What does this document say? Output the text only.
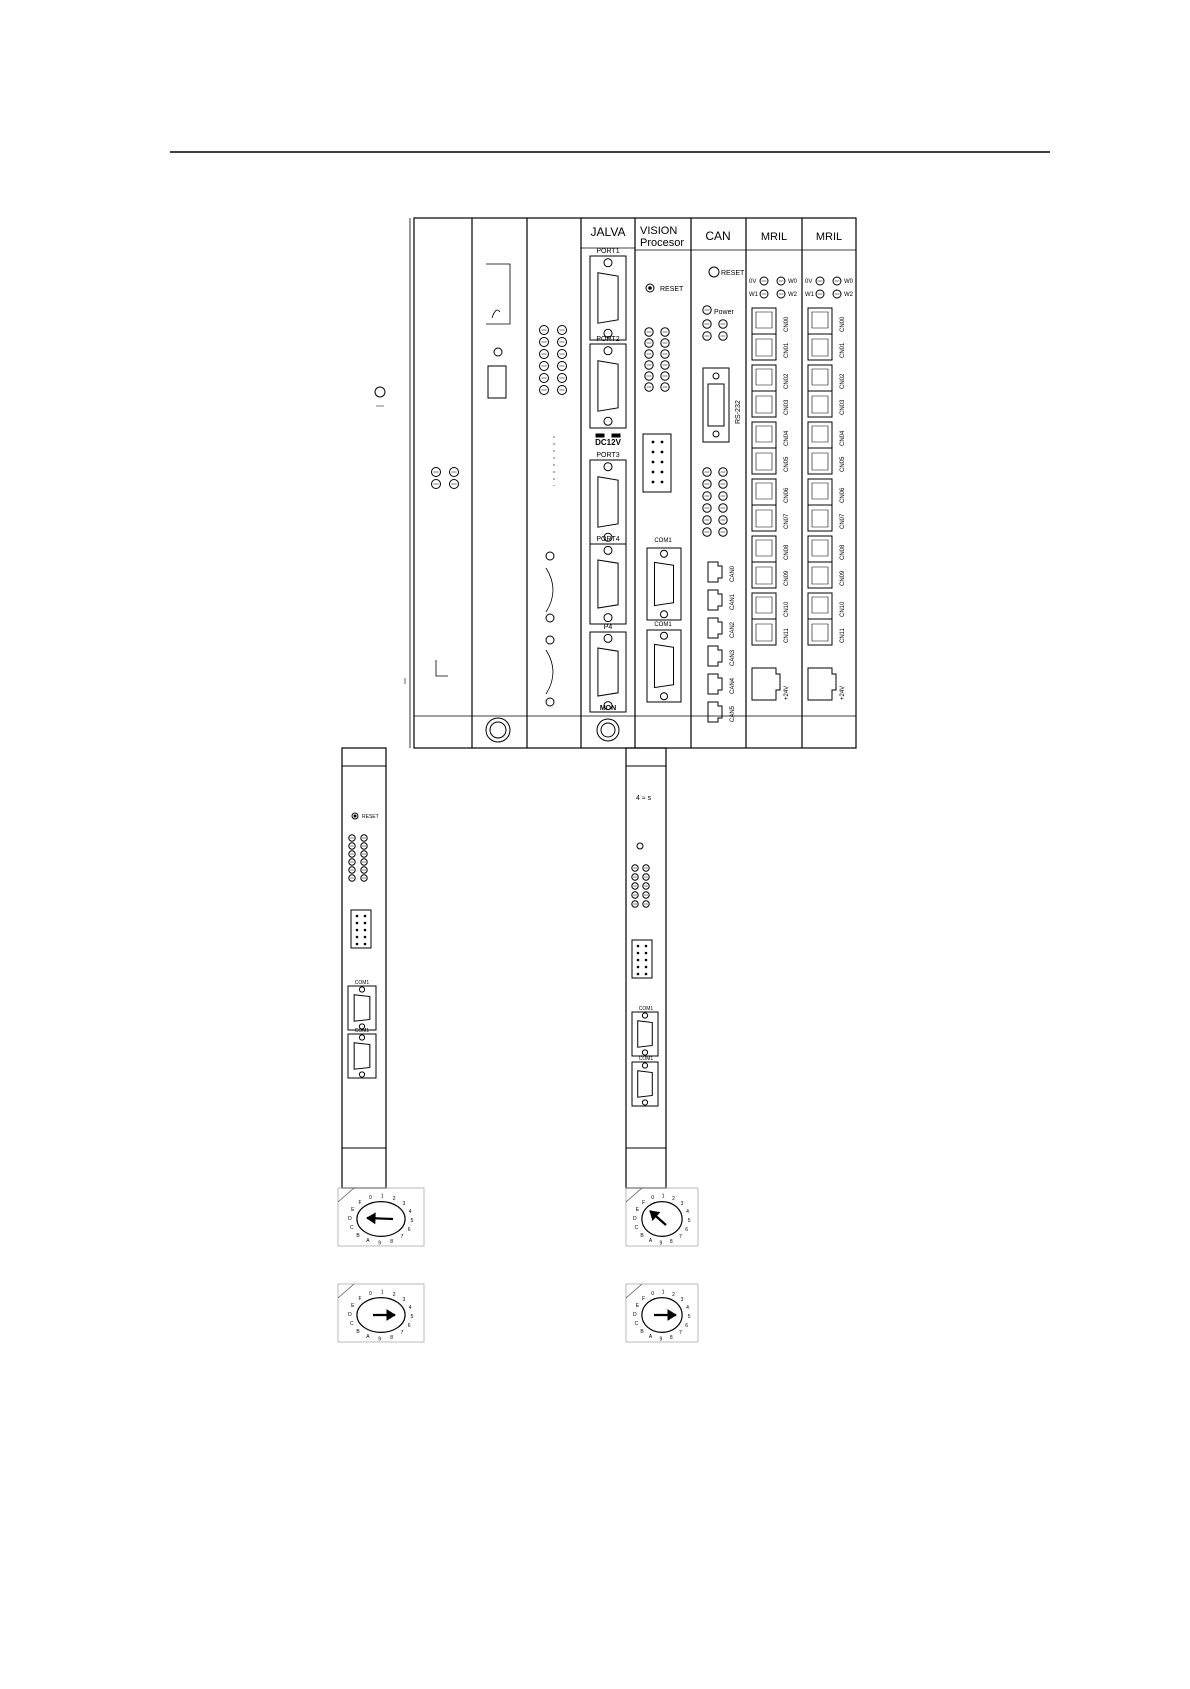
JALVA VISION
Procesor CAN	MRIL	MRIL
PORT1
PORT2
PORT3
PORT4
P4
DC12V
MON
RESET
COM1
COM1
RESET
Power
RS-232
CAN0
CAN1
CAN2
CAN3
CAN4
CAN5
0V	W0
W1	W2
CN00
CN01
CN02
CN03
CN04
CN05
CN06
CN07
CN08
CN09
CN10
CN11
+24V
0V	W0
W1	W2
CN00
CN01
CN02
CN03
CN04
CN05
CN06
CN07
CN08
CN09
CN10
CN11
+24V
RESET
COM1
COM1
4 ≈ s
COM1
COM1
0 1 2
3
4
5
6
7
8
9
A
B
C
D
E
F
0 1 2
3
4
5
6
7
8
9
A
B
C
D
E
F
0 1 2
3
4
5
6
7
8
9
A
B
C
D
E
F
0 1 2
3
4
5
6
7
8
9
A
B
C
D
E
F
